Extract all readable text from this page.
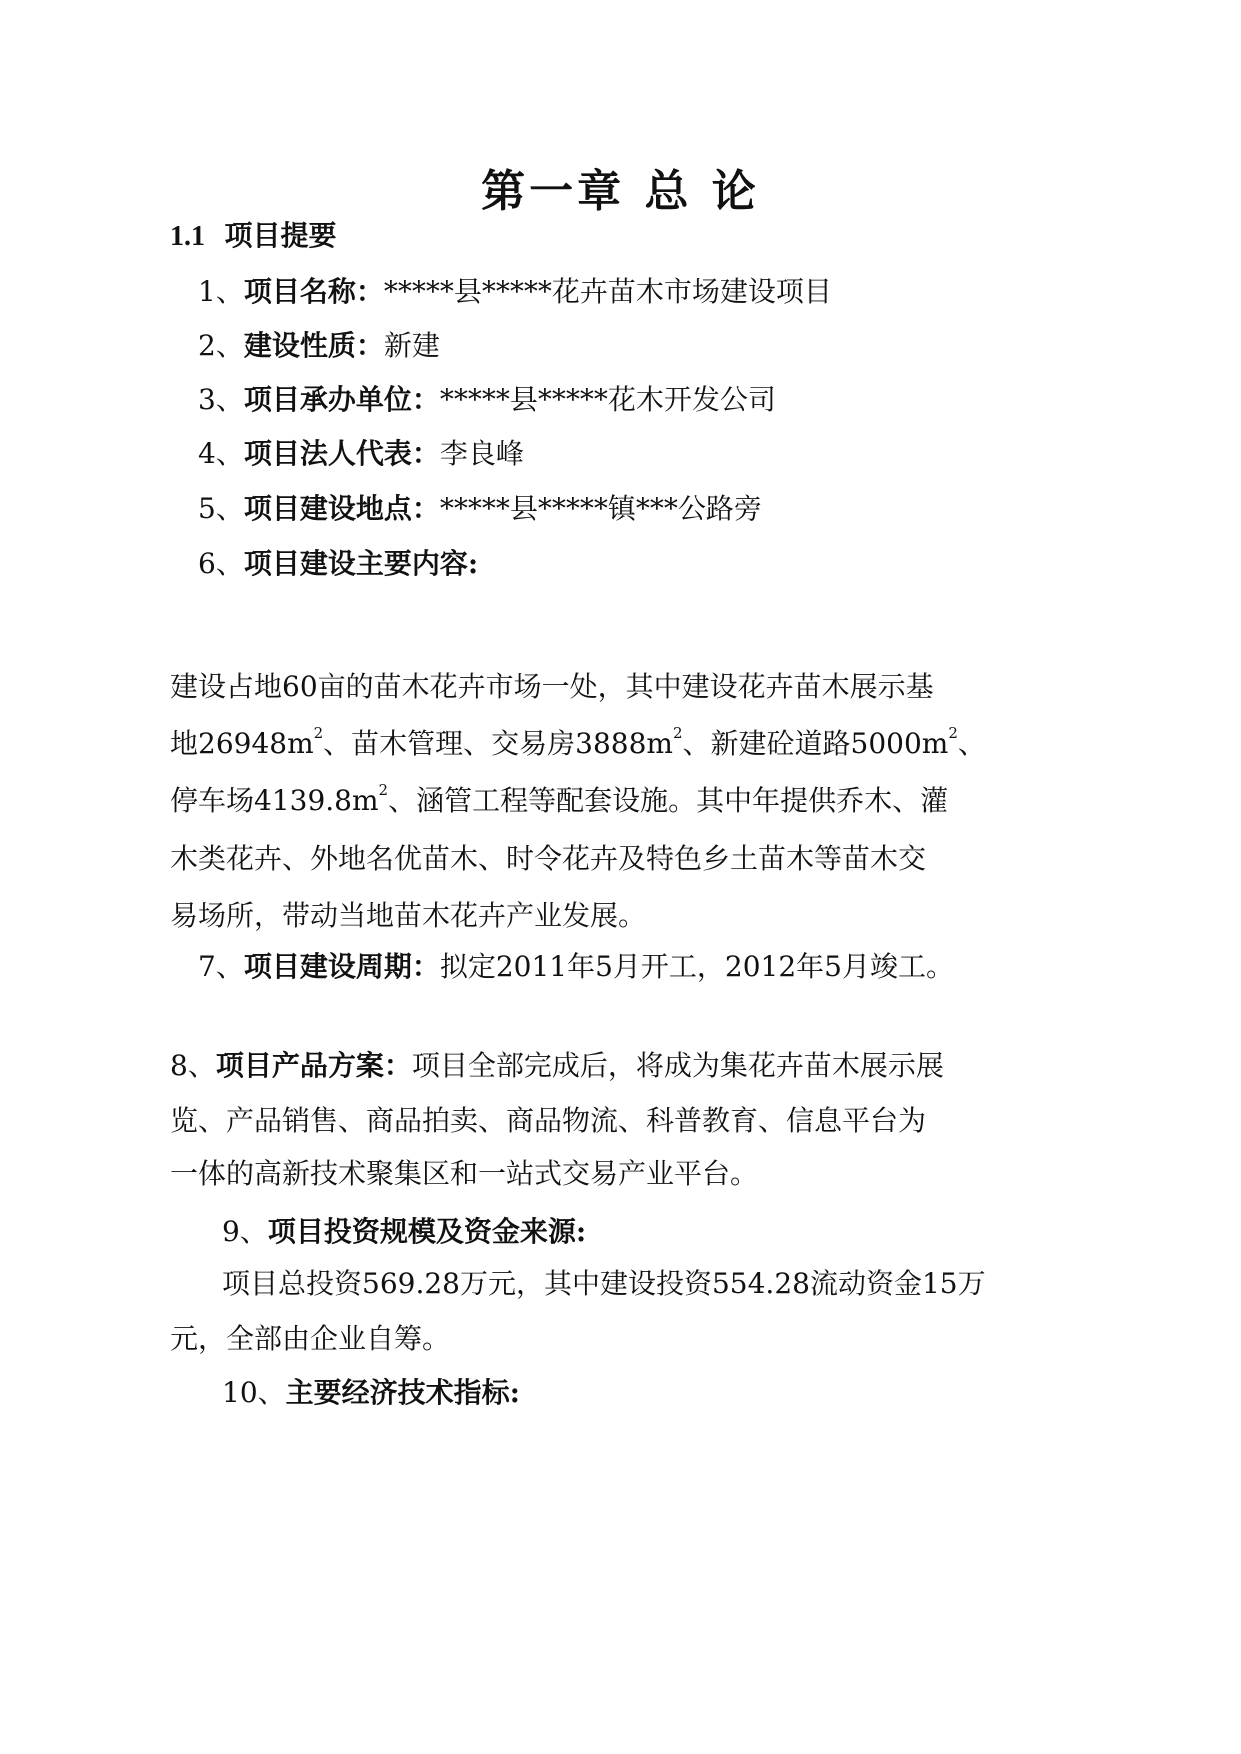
第一章 总 论
1.1 项目提要
1、项目名称：*****县*****花卉苗木市场建设项目
2、建设性质：新建
3、项目承办单位：*****县*****花木开发公司
4、项目法人代表：李良峰
5、项目建设地点：*****县*****镇***公路旁
6、项目建设主要内容:
建设占地60亩的苗木花卉市场一处，其中建设花卉苗木展示基
地$26948m^2$、苗木管理、交易房$3888m^2$、新建砼道路$5000m^2$、
停车场$4139.8m^2$、涵管工程等配套设施。其中年提供乔木、灌
木类花卉、外地名优苗木、时令花卉及特色乡土苗木等苗木交
易场所，带动当地苗木花卉产业发展。
7、项目建设周期：拟定2011年5月开工，2012年5月竣工。
8、项目产品方案：项目全部完成后，将成为集花卉苗木展示展
览、产品销售、商品拍卖、商品物流、科普教育、信息平台为
一体的高新技术聚集区和一站式交易产业平台。
9、项目投资规模及资金来源:
项目总投资569.28万元，其中建设投资554.28流动资金15万
元，全部由企业自筹。
10、主要经济技术指标:
